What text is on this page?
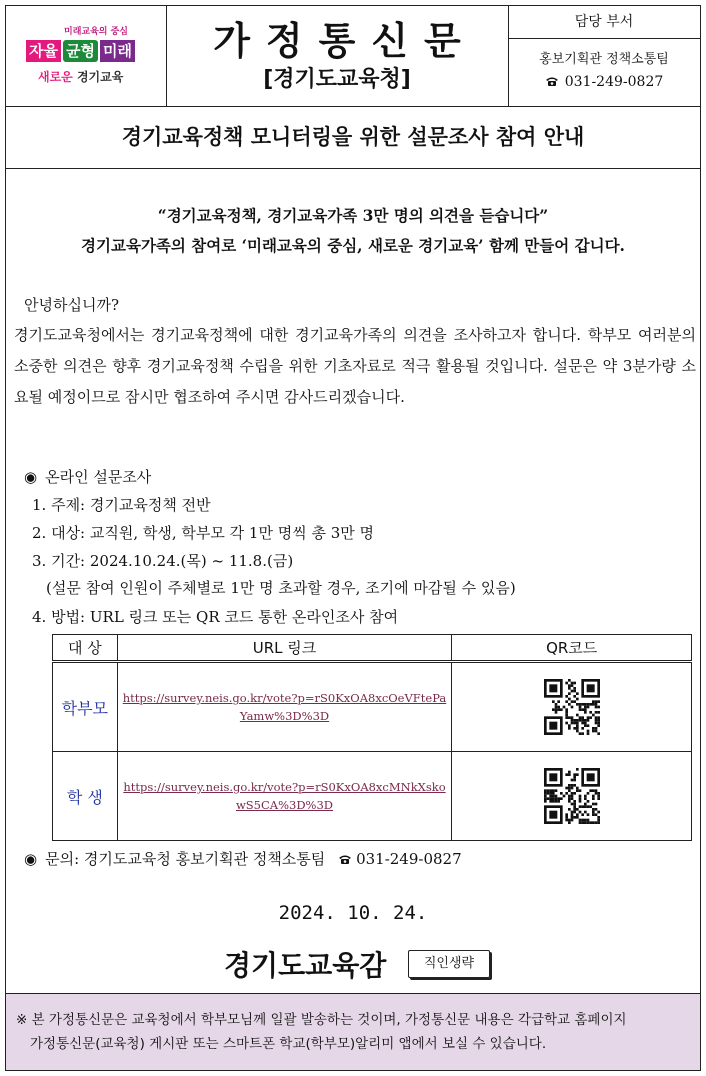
미래교육의 중심
자율 균형 미래
새로운 경기교육
가정통신문
[경기도교육청]
담당 부서
홍보기획관 정책소통팀
031-249-0827
경기교육정책 모니터링을 위한 설문조사 참여 안내
“경기교육정책, 경기교육가족 3만 명의 의견을 듣습니다”
경기교육가족의 참여로 ‘미래교육의 중심, 새로운 경기교육’ 함께 만들어 갑니다.
안녕하십니까?
경기도교육청에서는 경기교육정책에 대한 경기교육가족의 의견을 조사하고자 합니다. 학부모 여러분의 소중한 의견은 향후 경기교육정책 수립을 위한 기초자료로 적극 활용될 것입니다. 설문은 약 3분가량 소요될 예정이므로 잠시만 협조하여 주시면 감사드리겠습니다.
◉ 온라인 설문조사
1. 주제: 경기교육정책 전반
2. 대상: 교직원, 학생, 학부모 각 1만 명씩 총 3만 명
3. 기간: 2024.10.24.(목) ~ 11.8.(금)
(설문 참여 인원이 주체별로 1만 명 초과할 경우, 조기에 마감될 수 있음)
4. 방법: URL 링크 또는 QR 코드 통한 온라인조사 참여
대 상	URL 링크	QR코드
학부모	https://survey.neis.go.kr/vote?p=rS0KxOA8xcOeVFtePaYamw%3D%3D	

학 생	https://survey.neis.go.kr/vote?p=rS0KxOA8xcMNkXskowS5CA%3D%3D	
◉ 문의: 경기도교육청 홍보기획관 정책소통팀 031-249-0827
2024. 10. 24.
경기도교육감	직인생략
※ 본 가정통신문은 교육청에서 학부모님께 일괄 발송하는 것이며, 가정통신문 내용은 각급학교 홈페이지
가정통신문(교육청) 게시판 또는 스마트폰 학교(학부모)알리미 앱에서 보실 수 있습니다.
